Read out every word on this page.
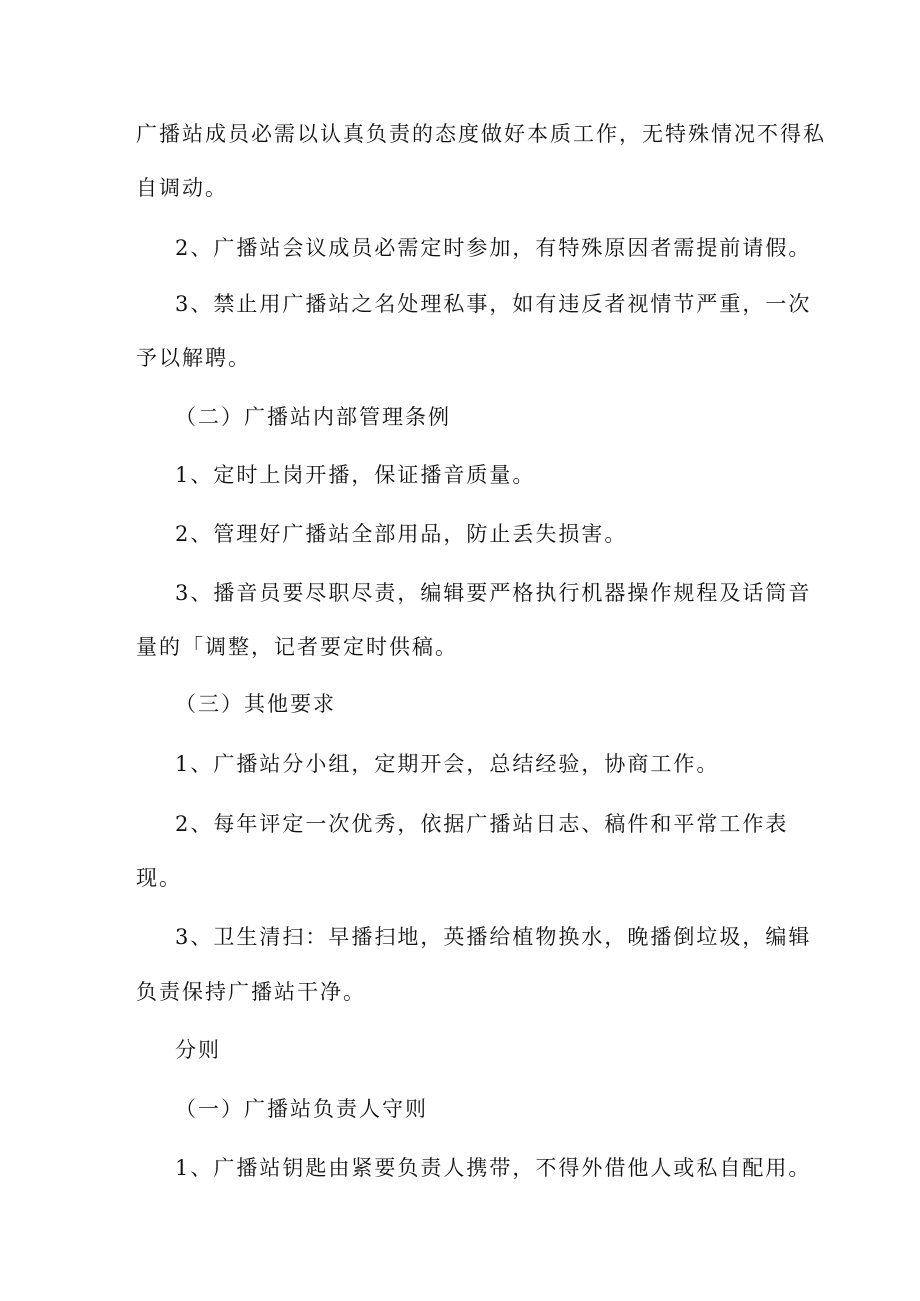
广播站成员必需以认真负责的态度做好本质工作，无特殊情况不得私
自调动。
2、广播站会议成员必需定时参加，有特殊原因者需提前请假。
3、禁止用广播站之名处理私事，如有违反者视情节严重，一次
予以解聘。
（二）广播站内部管理条例
1、定时上岗开播，保证播音质量。
2、管理好广播站全部用品，防止丢失损害。
3、播音员要尽职尽责，编辑要严格执行机器操作规程及话筒音
量的「调整，记者要定时供稿。
（三）其他要求
1、广播站分小组，定期开会，总结经验，协商工作。
2、每年评定一次优秀，依据广播站日志、稿件和平常工作表
现。
3、卫生清扫：早播扫地，英播给植物换水，晚播倒垃圾，编辑
负责保持广播站干净。
分则
（一）广播站负责人守则
1、广播站钥匙由紧要负责人携带，不得外借他人或私自配用。
